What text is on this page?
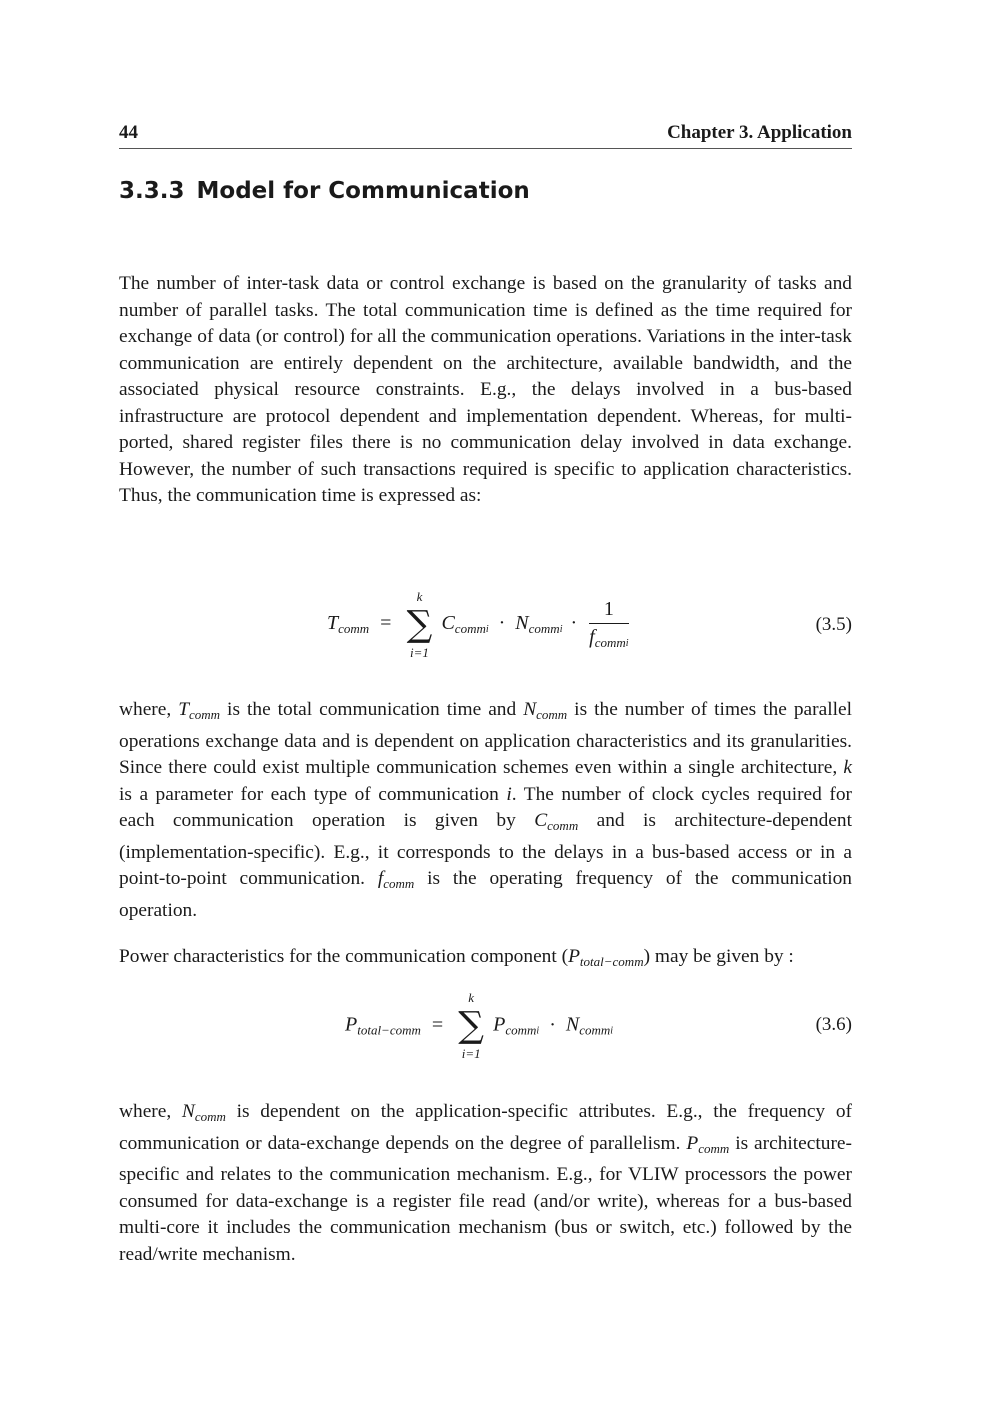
44	Chapter 3. Application
3.3.3 Model for Communication

The number of inter-task data or control exchange is based on the granularity of tasks and number of parallel tasks. The total communication time is defined as the time required for exchange of data (or control) for all the communication operations. Variations in the inter-task communication are entirely dependent on the architecture, available bandwidth, and the associated physical resource constraints. E.g., the delays involved in a bus-based infrastructure are protocol dependent and implementation dependent. Whereas, for multi-ported, shared register files there is no communication delay involved in data exchange. However, the number of such transactions required is specific to application characteristics. Thus, the communication time is expressed as:

$T_{comm}$ =
k
∑
i=1
$C_{comm}i \cdot N_{comm}i \cdot \frac{1}{f_{comm}i}$	(3.5)

where, $T_{comm}$ is the total communication time and $N_{comm}$ is the number of times the parallel operations exchange data and is dependent on application characteristics and its granularities. Since there could exist multiple communication schemes even within a single architecture, k is a parameter for each type of communication i. The number of clock cycles required for each communication operation is given by $C_{comm}$ and is architecture-dependent (implementation-specific). E.g., it corresponds to the delays in a bus-based access or in a point-to-point communication. $f_{comm}$ is the operating frequency of the communication operation.

Power characteristics for the communication component $(P_{total-comm})$ may be given by :

$P_{total-comm}$ =
k
∑
i=1
$P_{comm}i \cdot N_{comm}i$	(3.6)

where, $N_{comm}$ is dependent on the application-specific attributes. E.g., the frequency of communication or data-exchange depends on the degree of parallelism. $P_{comm}$ is architecture-specific and relates to the communication mechanism. E.g., for VLIW processors the power consumed for data-exchange is a register file read (and/or write), whereas for a bus-based multi-core it includes the communication mechanism (bus or switch, etc.) followed by the read/write mechanism.
